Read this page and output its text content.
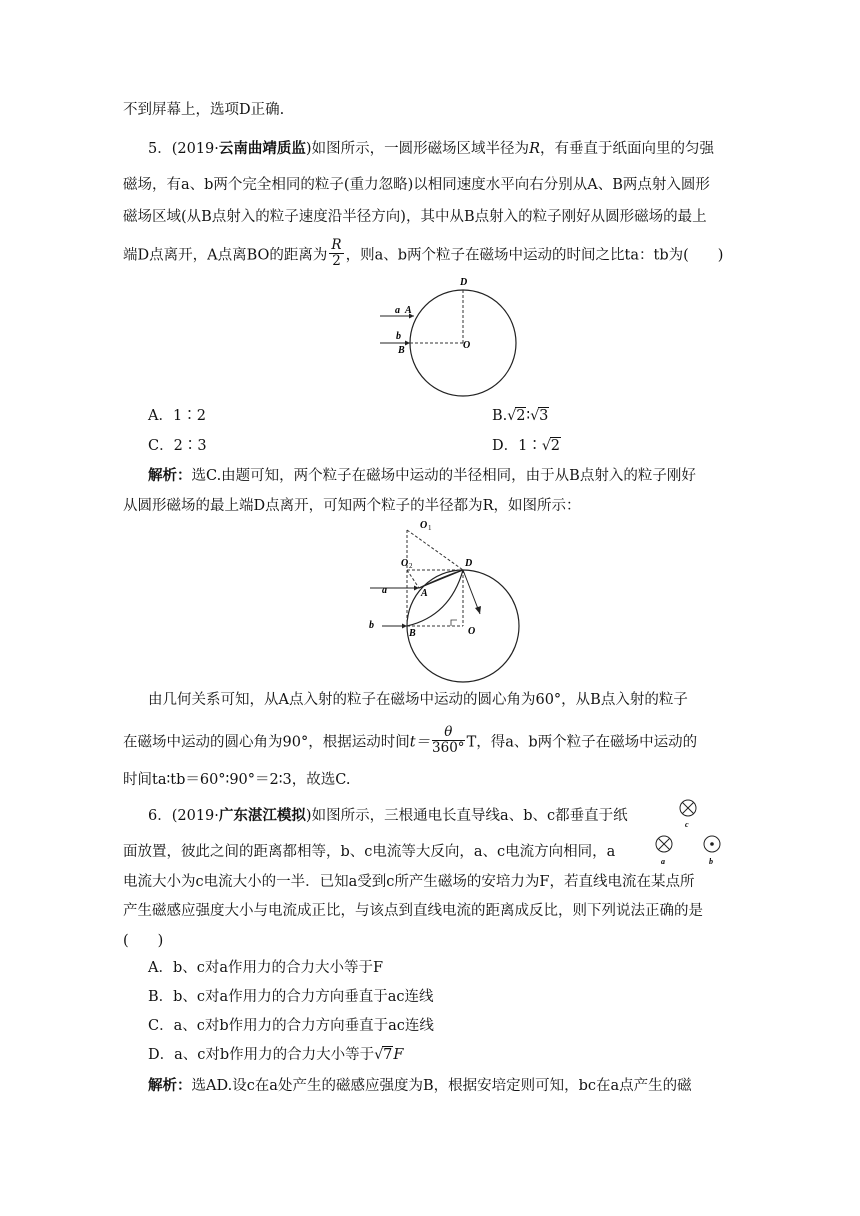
不到屏幕上，选项D正确.
5．(2019·云南曲靖质监)如图所示，一圆形磁场区域半径为R，有垂直于纸面向里的匀强
磁场，有a、b两个完全相同的粒子(重力忽略)以相同速度水平向右分别从A、B两点射入圆形
磁场区域(从B点射入的粒子速度沿半径方向)，其中从B点射入的粒子刚好从圆形磁场的最上
端D点离开，A点离BO的距离为 $\frac{R}{2}$ ，则a、b两个粒子在磁场中运动的时间之比ta：tb为(　　)
D
a A
b
B	O
A．1∶2	B.√2∶√3
C．2∶3	D．1∶√2
解析：选C.由题可知，两个粒子在磁场中运动的半径相同，由于从B点射入的粒子刚好
从圆形磁场的最上端D点离开，可知两个粒子的半径都为R，如图所示：
O 1
O 2	D
a	A
b
B	O
由几何关系可知，从A点入射的粒子在磁场中运动的圆心角为60°，从B点入射的粒子
在磁场中运动的圆心角为90°，根据运动时间$t= \frac{\theta}{360^\circ}$ T，得a、b两个粒子在磁场中运动的
时间ta∶tb＝60°∶90°＝2∶3，故选C.
6．(2019·广东湛江模拟)如图所示，三根通电长直导线a、b、c都垂直于纸
面放置，彼此之间的距离都相等，b、c电流等大反向，a、c电流方向相同，a
电流大小为c电流大小的一半．已知a受到c所产生磁场的安培力为F，若直线电流在某点所
产生磁感应强度大小与电流成正比，与该点到直线电流的距离成反比，则下列说法正确的是
(　　)
c
a	b
A．b、c对a作用力的合力大小等于F
B．b、c对a作用力的合力方向垂直于ac连线
C．a、c对b作用力的合力方向垂直于ac连线
D．a、c对b作用力的合力大小等于√7F
解析：选AD.设c在a处产生的磁感应强度为B，根据安培定则可知，bc在a点产生的磁
